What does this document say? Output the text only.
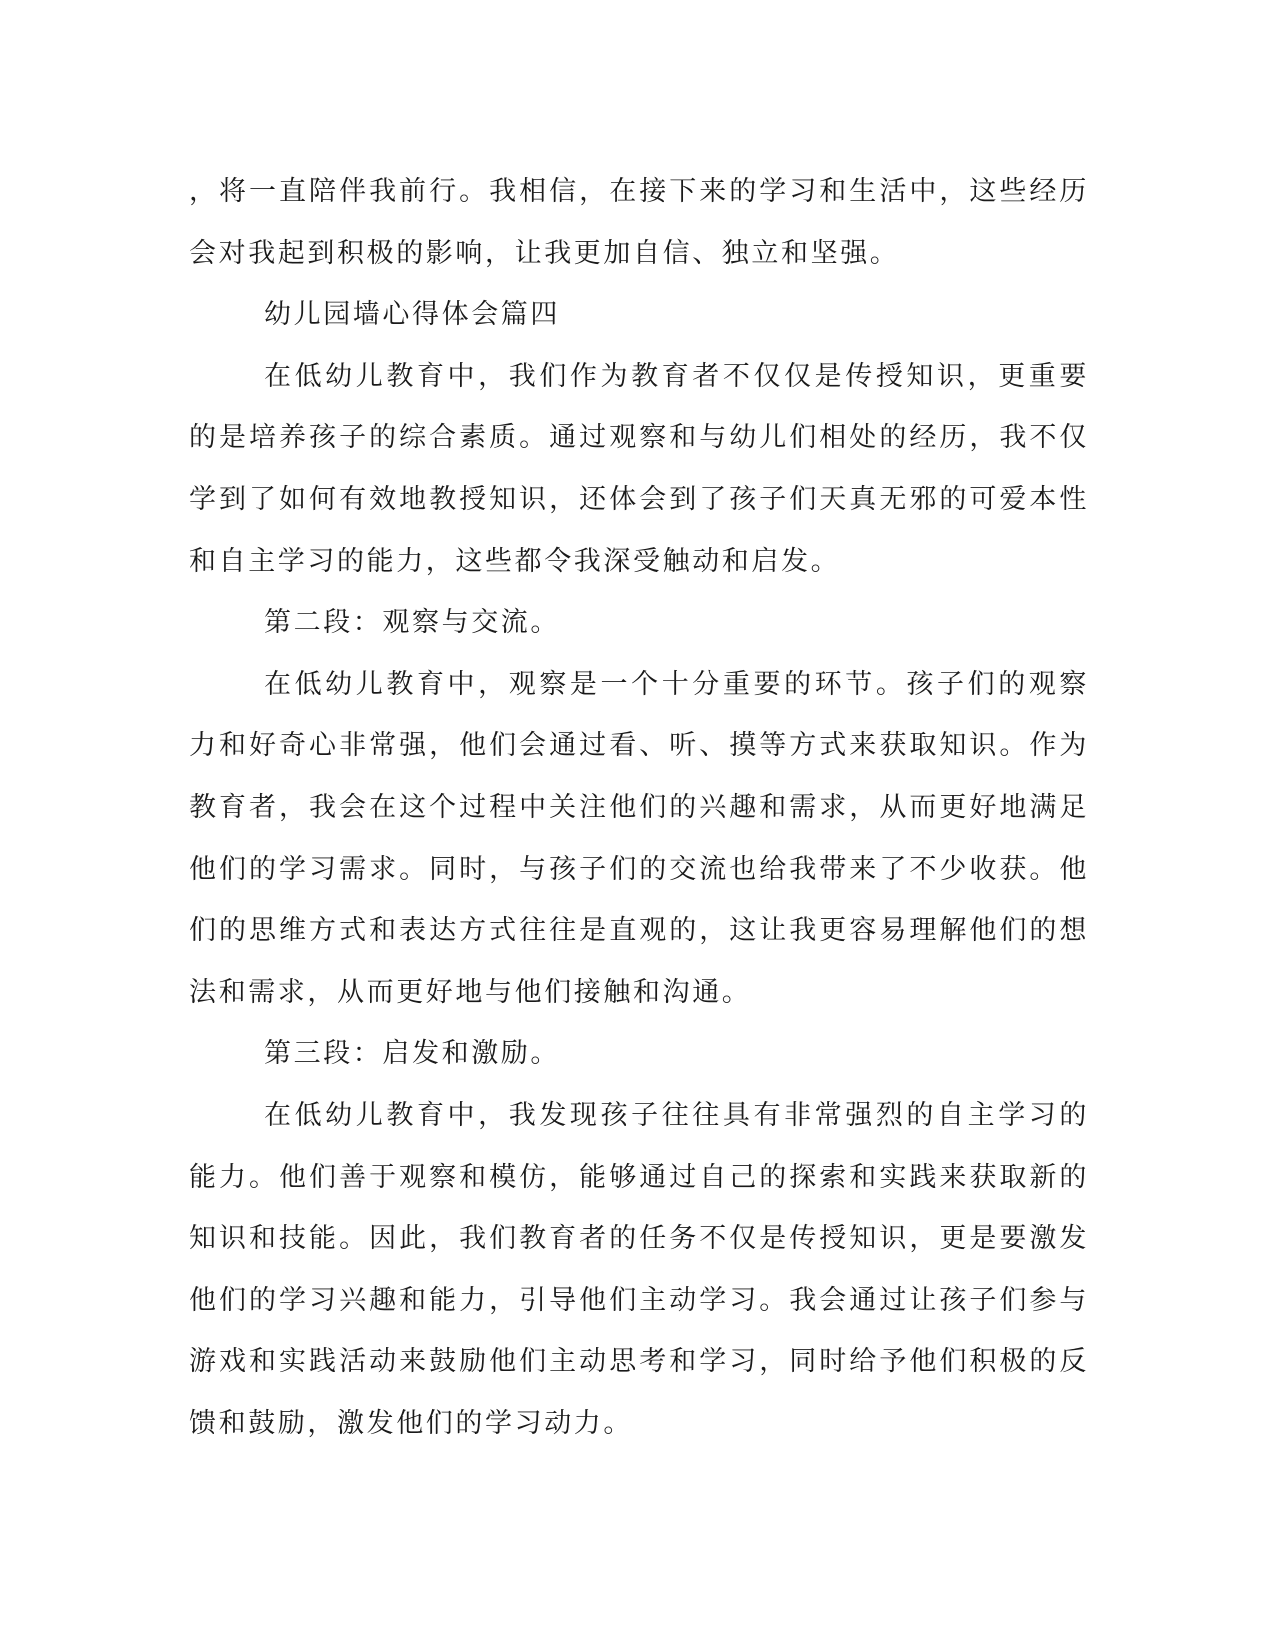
，将一直陪伴我前行。我相信，在接下来的学习和生活中，这些经历会对我起到积极的影响，让我更加自信、独立和坚强。

幼儿园墙心得体会篇四

在低幼儿教育中，我们作为教育者不仅仅是传授知识，更重要的是培养孩子的综合素质。通过观察和与幼儿们相处的经历，我不仅学到了如何有效地教授知识，还体会到了孩子们天真无邪的可爱本性和自主学习的能力，这些都令我深受触动和启发。

第二段：观察与交流。

在低幼儿教育中，观察是一个十分重要的环节。孩子们的观察力和好奇心非常强，他们会通过看、听、摸等方式来获取知识。作为教育者，我会在这个过程中关注他们的兴趣和需求，从而更好地满足他们的学习需求。同时，与孩子们的交流也给我带来了不少收获。他们的思维方式和表达方式往往是直观的，这让我更容易理解他们的想法和需求，从而更好地与他们接触和沟通。

第三段：启发和激励。

在低幼儿教育中，我发现孩子往往具有非常强烈的自主学习的能力。他们善于观察和模仿，能够通过自己的探索和实践来获取新的知识和技能。因此，我们教育者的任务不仅是传授知识，更是要激发他们的学习兴趣和能力，引导他们主动学习。我会通过让孩子们参与游戏和实践活动来鼓励他们主动思考和学习，同时给予他们积极的反馈和鼓励，激发他们的学习动力。
